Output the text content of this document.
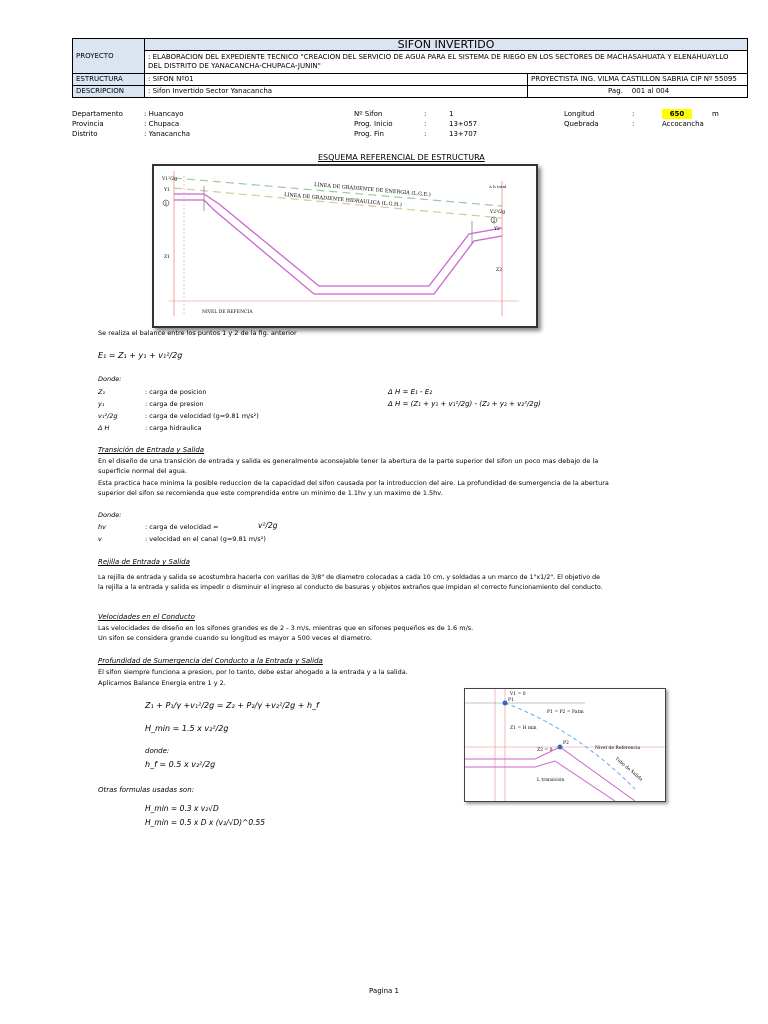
PROYECTO	SIFON INVERTIDO	
	: ELABORACION DEL EXPEDIENTE TECNICO "CREACION DEL SERVICIO DE AGUA PARA EL SISTEMA DE RIEGO EN LOS SECTORES DE MACHASAHUATA Y ELENAHUAYLLO DEL DISTRITO DE YANACANCHA-CHUPACA-JUNIN"	
ESTRUCTURA	: SIFON Nº01	PROYECTISTA ING. VILMA CASTILLON SABRIA CIP Nº 55095
DESCRIPCION	: Sifon Invertido Sector Yanacancha	Pag. 001 al 004
Departamento	: Huancayo	Nº Sifon	:	1	Longitud	:	650	m
Provincia	: Chupaca	Prog. Inicio	:	13+057	Quebrada	:	Accocancha
Distrito	: Yanacancha	Prog. Fin	:	13+707
ESQUEMA REFERENCIAL DE ESTRUCTURA
LINEA DE GRADIENTE DE ENERGIA (L.G.E.)
LINEA DE GRADIENTE HIDRAULICA (L.G.H.)
V1²/2g
Y1
1
Z1
Δ h total
V2²/2g
2
Y2
Z2
NIVEL DE REFENCIA
Se realiza el balance entre los puntos 1 y 2 de la fig. anterior
E₁ = Z₁ + y₁ + v₁²/2g
Donde:
Z₁	: carga de posicion
y₁	: carga de presion
v₁²/2g	: carga de velocidad (g=9.81 m/s²)
Δ H	: carga hidraulica
Δ H = E₁ - E₂
Δ H = (Z₁ + y₁ + v₁²/2g) - (Z₂ + y₂ + v₂²/2g)
Transición de Entrada y Salida
En el diseño de una transición de entrada y salida es generalmente aconsejable tener la abertura de la parte superior del sifon un poco mas debajo de la
superficie normal del agua.
Esta practica hace minima la posible reduccion de la capacidad del sifon causada por la introduccion del aire. La profundidad de sumergencia de la abertura
superior del sifon se recomienda que este comprendida entre un minimo de 1.1hv y un maximo de 1.5hv.
Donde:
hv	: carga de velocidad =	v²/2g
v	: velocidad en el canal (g=9.81 m/s²)
Rejilla de Entrada y Salida
La rejilla de entrada y salida se acostumbra hacerla con varillas de 3/8" de diametro colocadas a cada 10 cm, y soldadas a un marco de 1"x1/2". El objetivo de
la rejilla a la entrada y salida es impedir o disminuir el ingreso al conducto de basuras y objetos extraños que impidan el correcto funcionamiento del conducto.
Velocidades en el Conducto
Las velocidades de diseño en los sifones grandes es de 2 - 3 m/s, mientras que en sifones pequeños es de 1.6 m/s.
Un sifon se considera grande cuando su longitud es mayor a 500 veces el diametro.
Profundidad de Sumergencia del Conducto a la Entrada y Salida
El sifon siempre funciona a presion, por lo tanto, debe estar ahogado a la entrada y a la salida.
Aplicamos Balance Energia entre 1 y 2.
Z₁ + P₁/γ +v₁²/2g = Z₂ + P₂/γ +v₂²/2g + h_f
H_min = 1.5 x v₂²/2g
donde:
h_f = 0.5 x v₂²/2g
Otras formulas usadas son:
H_min = 0.3 x v₂√D
H_min = 0.5 x D x (v₂/√D)^0.55
V1 = 0
P1
P1 = P2 = Patm
Z1 = H min
Z2 = 0
P2
Nivel de Referencia
L transición	Tubo de Salida
Pagina 1
